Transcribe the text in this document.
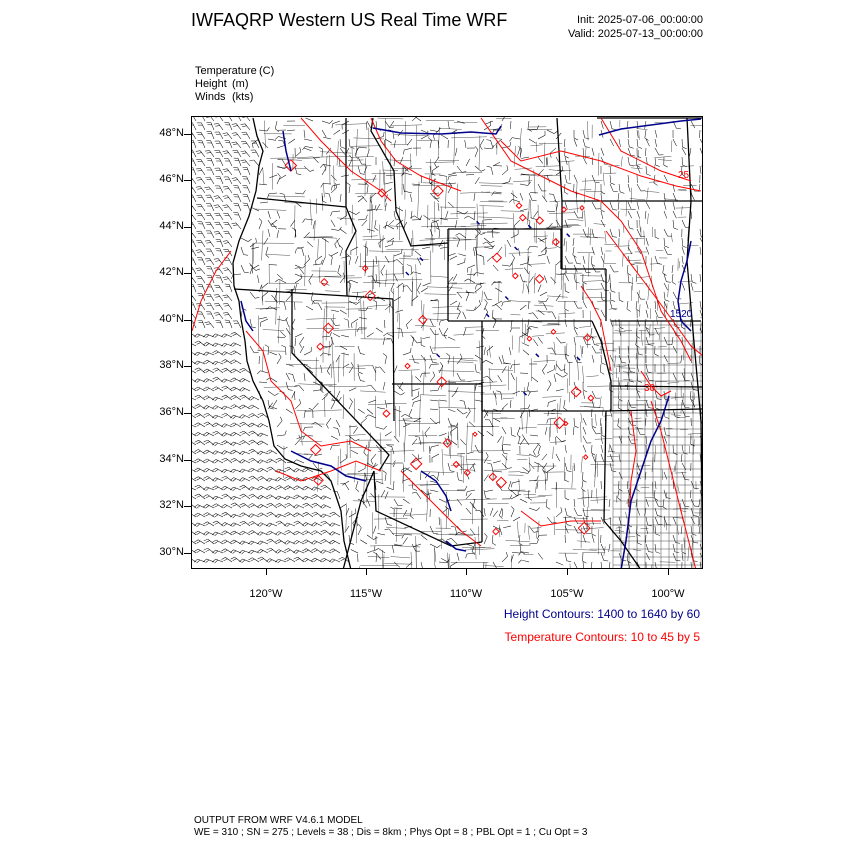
IWFAQRP Western US Real Time WRF	Init: 2025-07-06_00:00:00
Valid: 2025-07-13_00:00:00
Temperature (C)
Height (m)
Winds (kts)
25
1520
30
48°N
46°N
44°N
42°N
40°N
38°N
36°N
34°N
32°N
30°N
120°W	115°W	110°W	105°W	100°W
Height Contours: 1400 to 1640 by 60
Temperature Contours: 10 to 45 by 5
OUTPUT FROM WRF V4.6.1 MODEL
WE = 310 ; SN = 275 ; Levels = 38 ; Dis = 8km ; Phys Opt = 8 ; PBL Opt = 1 ; Cu Opt = 3
